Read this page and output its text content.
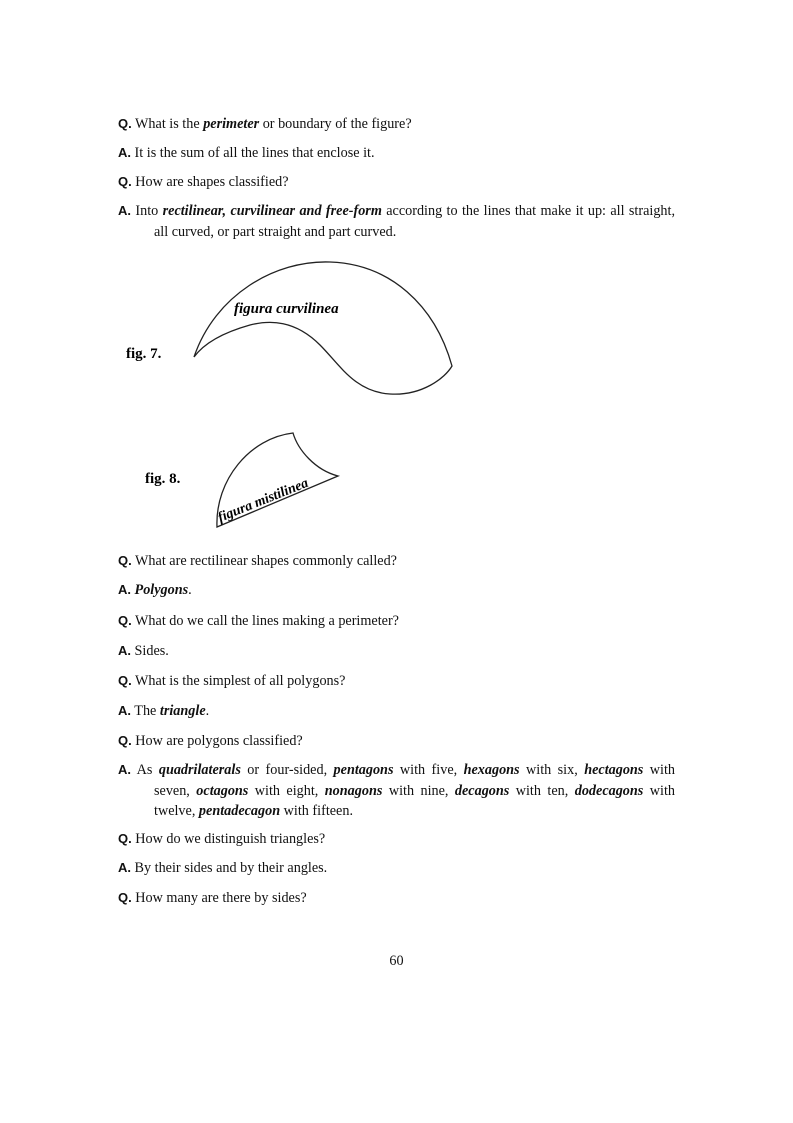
Q. What is the perimeter or boundary of the figure?
A. It is the sum of all the lines that enclose it.
Q. How are shapes classified?
A. Into rectilinear, curvilinear and free-form according to the lines that make it up: all straight, all curved, or part straight and part curved.
Q. What are rectilinear shapes commonly called?
A. Polygons.
Q. What do we call the lines making a perimeter?
A. Sides.
Q. What is the simplest of all polygons?
A. The triangle.
Q. How are polygons classified?
A. As quadrilaterals or four-sided, pentagons with five, hexagons with six, hectagons with seven, octagons with eight, nonagons with nine, decagons with ten, dodecagons with twelve, pentadecagon with fifteen.
Q. How do we distinguish triangles?
A. By their sides and by their angles.
Q. How many are there by sides?
fig. 7.
figura curvilinea
fig. 8.	figura mistilinea
60
